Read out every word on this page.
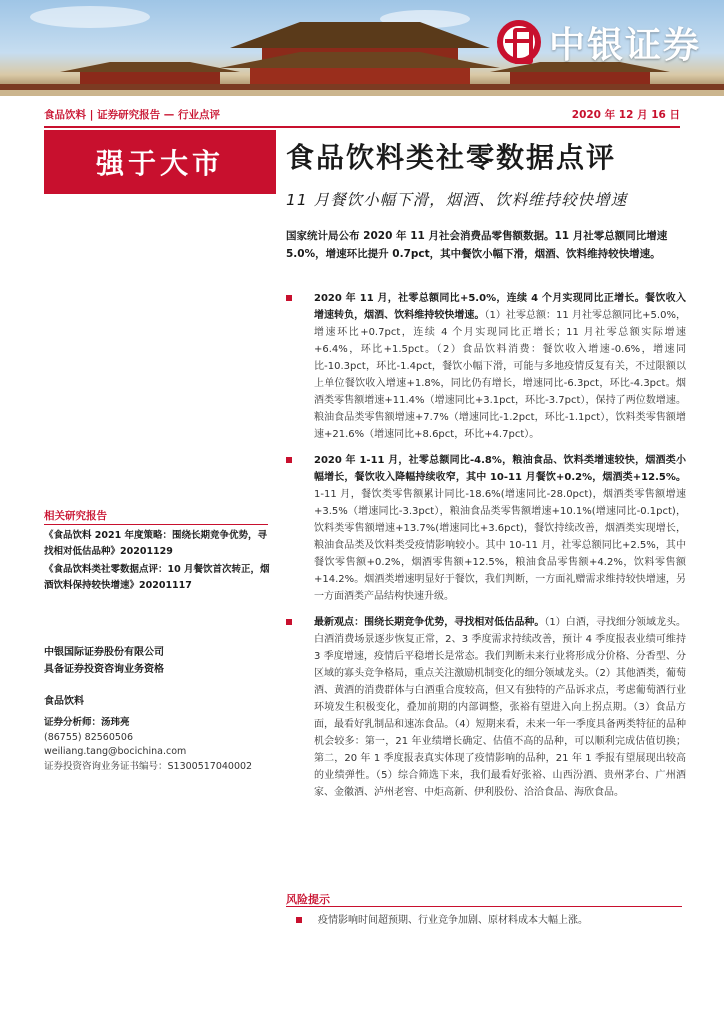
中银证券
食品饮料 | 证券研究报告 — 行业点评	2020 年 12 月 16 日
强于大市 食品饮料类社零数据点评
11 月餐饮小幅下滑，烟酒、饮料维持较快增速
国家统计局公布 2020 年 11 月社会消费品零售额数据。11 月社零总额同比增速 5.0%，增速环比提升 0.7pct，其中餐饮小幅下滑，烟酒、饮料维持较快增速。
2020 年 11 月，社零总额同比+5.0%，连续 4 个月实现同比正增长。餐饮收入增速转负，烟酒、饮料维持较快增速。（1）社零总额：11 月社零总额同比+5.0%，增速环比+0.7pct，连续 4 个月实现同比正增长；11 月社零总额实际增速+6.4%，环比+1.5pct。（2）食品饮料消费：餐饮收入增速-0.6%，增速同比-10.3pct，环比-1.4pct，餐饮小幅下滑，可能与多地疫情反复有关，不过限额以上单位餐饮收入增速+1.8%，同比仍有增长，增速同比-6.3pct，环比-4.3pct。烟酒类零售额增速+11.4%（增速同比+3.1pct，环比-3.7pct），保持了两位数增速。粮油食品类零售额增速+7.7%（增速同比-1.2pct，环比-1.1pct），饮料类零售额增速+21.6%（增速同比+8.6pct，环比+4.7pct）。
2020 年 1-11 月，社零总额同比-4.8%，粮油食品、饮料类增速较快，烟酒类小幅增长，餐饮收入降幅持续收窄，其中 10-11 月餐饮+0.2%，烟酒类+12.5%。1-11 月，餐饮类零售额累计同比-18.6%(增速同比-28.0pct)，烟酒类零售额增速+3.5%（增速同比-3.3pct），粮油食品类零售额增速+10.1%(增速同比-0.1pct)，饮料类零售额增速+13.7%(增速同比+3.6pct)，餐饮持续改善，烟酒类实现增长，粮油食品类及饮料类受疫情影响较小。其中 10-11 月，社零总额同比+2.5%，其中餐饮零售额+0.2%，烟酒零售额+12.5%，粮油食品零售额+4.2%，饮料零售额+14.2%。烟酒类增速明显好于餐饮，我们判断，一方面礼赠需求维持较快增速，另一方面酒类产品结构快速升级。
最新观点：围绕长期竞争优势，寻找相对低估品种。（1）白酒，寻找细分领域龙头。白酒消费场景逐步恢复正常，2、3 季度需求持续改善，预计 4 季度报表业绩可维持 3 季度增速，疫情后平稳增长是常态。我们判断未来行业将形成分价格、分香型、分区域的寡头竞争格局，重点关注激励机制变化的细分领域龙头。（2）其他酒类，葡萄酒、黄酒的消费群体与白酒重合度较高，但又有独特的产品诉求点，考虑葡萄酒行业环境发生积极变化，叠加前期的内部调整，张裕有望进入向上拐点期。（3）食品方面，最看好乳制品和速冻食品。（4）短期来看，未来一年一季度具备两类特征的品种机会较多：第一，21 年业绩增长确定、估值不高的品种，可以顺利完成估值切换；第二，20 年 1 季度报表真实体现了疫情影响的品种，21 年 1 季报有望展现出较高的业绩弹性。（5）综合筛选下来，我们最看好张裕、山西汾酒、贵州茅台、广州酒家、金徽酒、泸州老窖、中炬高新、伊利股份、洽洽食品、海欣食品。
风险提示
疫情影响时间超预期、行业竞争加剧、原材料成本大幅上涨。
相关研究报告
《食品饮料 2021 年度策略：围绕长期竞争优势，寻找相对低估品种》20201129
《食品饮料类社零数据点评：10 月餐饮首次转正，烟酒饮料保持较快增速》20201117
中银国际证券股份有限公司
具备证券投资咨询业务资格
食品饮料
证券分析师：汤玮亮
(86755) 82560506
weiliang.tang@bocichina.com
证券投资咨询业务证书编号：S1300517040002
